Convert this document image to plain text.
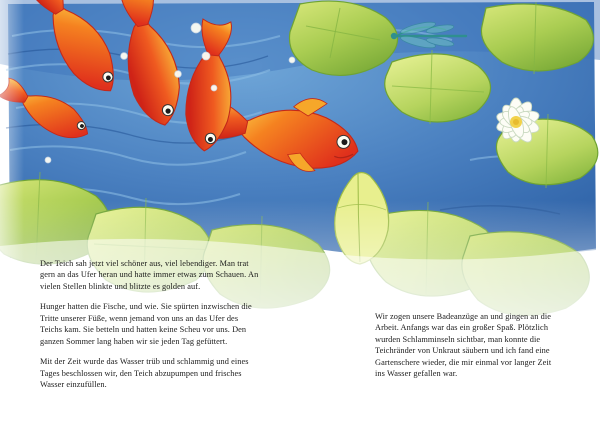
Der Teich sah jetzt viel schöner aus, viel lebendiger. Man trat gern an das Ufer heran und hatte immer etwas zum Schauen. An vielen Stellen blinkte und blitzte es golden auf.

Hunger hatten die Fische, und wie. Sie spürten inzwischen die Tritte unserer Füße, wenn jemand von uns an das Ufer des Teichs kam. Sie betteln und hatten keine Scheu vor uns. Den ganzen Sommer lang haben wir sie jeden Tag gefüttert.

Mit der Zeit wurde das Wasser trüb und schlammig und eines Tages beschlossen wir, den Teich abzupumpen und frisches Wasser einzufüllen.

Wir zogen unsere Badeanzüge an und gingen an die Arbeit. Anfangs war das ein großer Spaß. Plötzlich wurden Schlamminseln sichtbar, man konnte die Teichränder von Unkraut säubern und ich fand eine Gartenschere wieder, die mir einmal vor langer Zeit ins Wasser gefallen war.
